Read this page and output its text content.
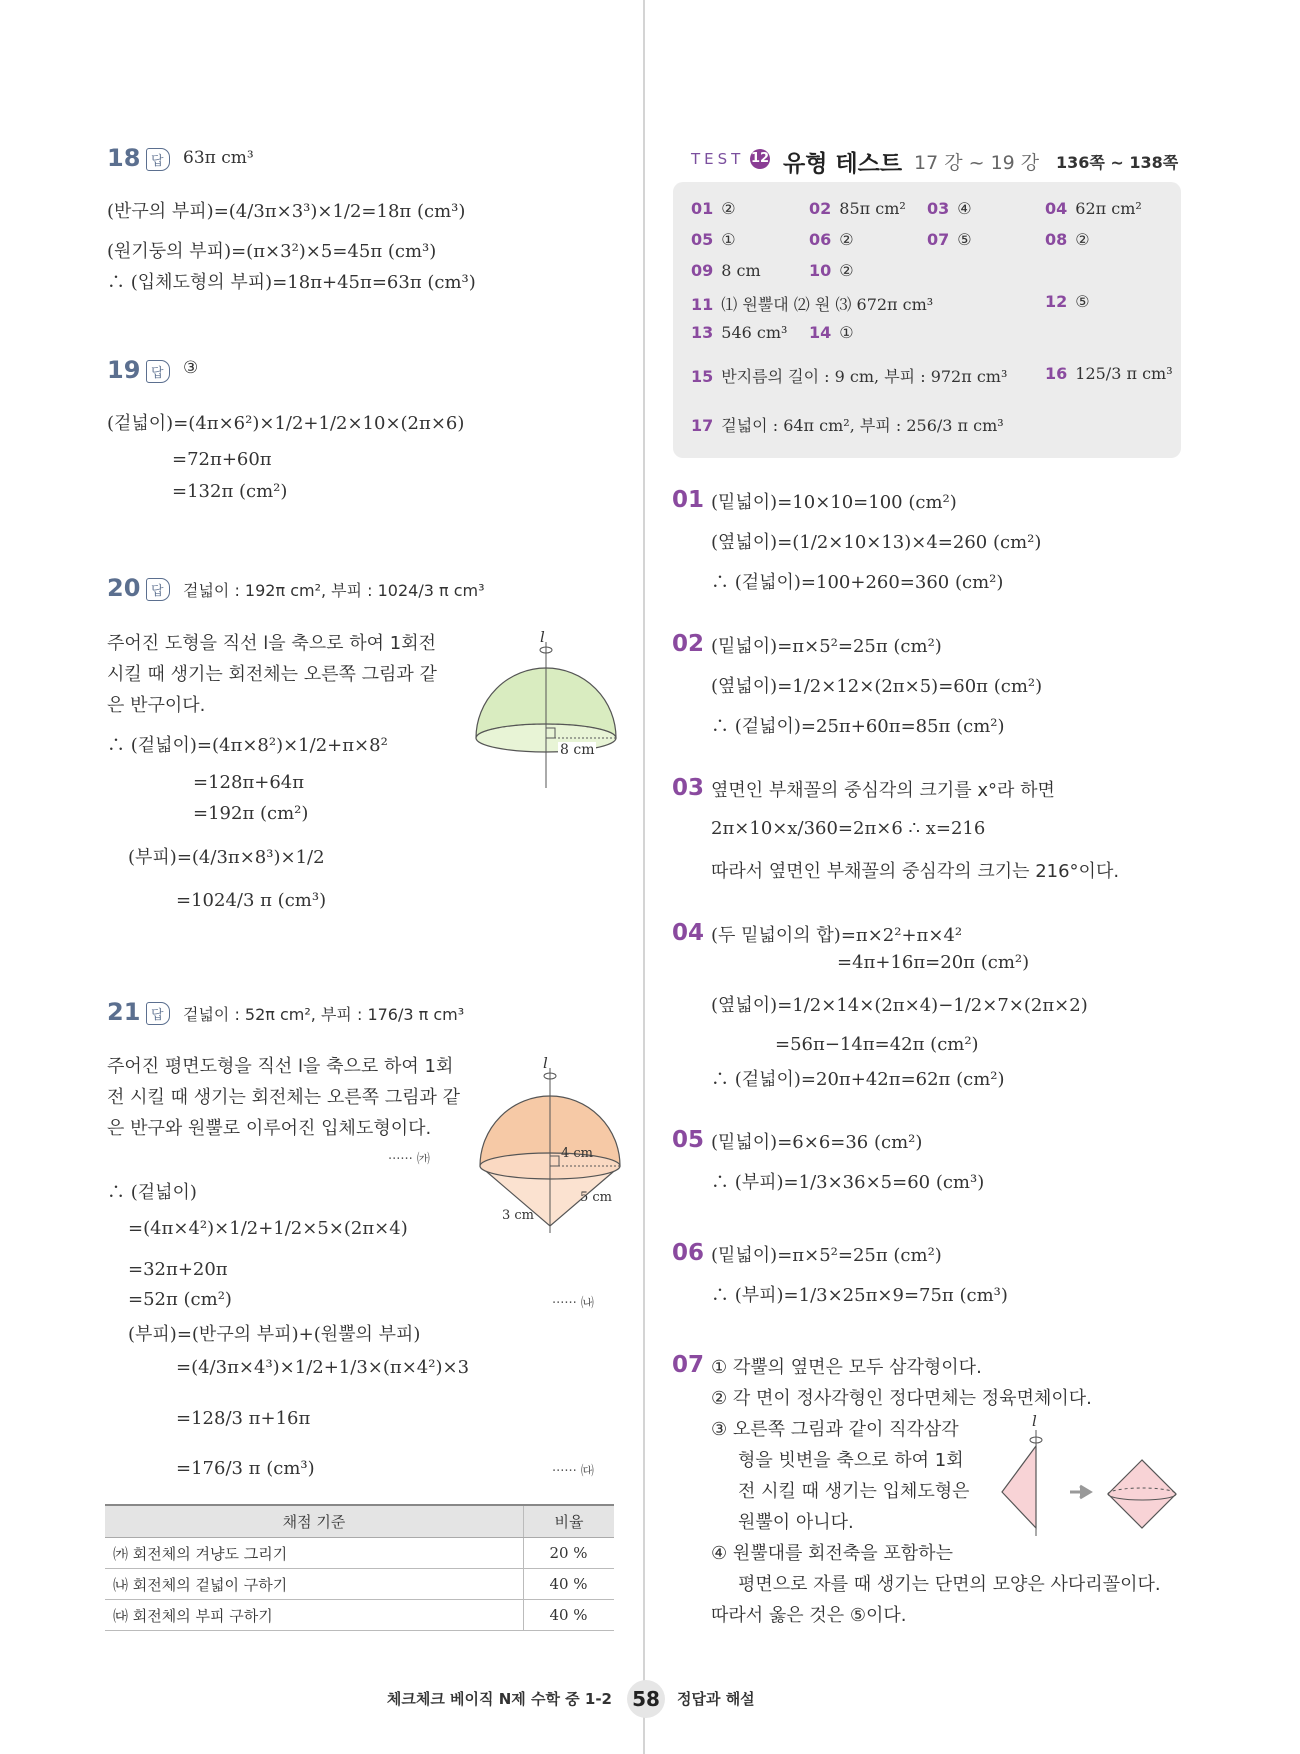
18 답	63π cm³
(반구의 부피)=(4/3π×3³)×1/2=18π (cm³)
(원기둥의 부피)=(π×3²)×5=45π (cm³)
∴ (입체도형의 부피)=18π+45π=63π (cm³)
19 답	③
(겉넓이)=(4π×6²)×1/2+1/2×10×(2π×6)
=72π+60π
=132π (cm²)
20 답	겉넓이 : 192π cm², 부피 : 1024/3 π cm³
주어진 도형을 직선 l을 축으로 하여 1회전
시킬 때 생기는 회전체는 오른쪽 그림과 같
은 반구이다.
∴ (겉넓이)=(4π×8²)×1/2+π×8²
=128π+64π
=192π (cm²)
(부피)=(4/3π×8³)×1/2
=1024/3 π (cm³)
l
8 cm
21 답	겉넓이 : 52π cm², 부피 : 176/3 π cm³
주어진 평면도형을 직선 l을 축으로 하여 1회
전 시킬 때 생기는 회전체는 오른쪽 그림과 같
은 반구와 원뿔로 이루어진 입체도형이다.
······ ㈎
∴ (겉넓이)
=(4π×4²)×1/2+1/2×5×(2π×4)
=32π+20π
=52π (cm²)	······ ㈏
(부피)=(반구의 부피)+(원뿔의 부피)
=(4/3π×4³)×1/2+1/3×(π×4²)×3
=128/3 π+16π
=176/3 π (cm³)	······ ㈐
l
4 cm
5 cm
3 cm
채점 기준	비율
㈎ 회전체의 겨냥도 그리기	20 %
㈏ 회전체의 겉넓이 구하기	40 %
㈐ 회전체의 부피 구하기	40 %
TEST 12 유형 테스트 17 강 ~ 19 강 136쪽 ~ 138쪽
01 ②	02 85π cm² 03 ④	04 62π cm²
05 ①	06 ②	07 ⑤	08 ②
09 8 cm	10 ②
11 ⑴ 원뿔대 ⑵ 원 ⑶ 672π cm³	12 ⑤
13 546 cm³ 14 ①
15 반지름의 길이 : 9 cm, 부피 : 972π cm³ 16 125/3 π cm³
17 겉넓이 : 64π cm², 부피 : 256/3 π cm³
01 (밑넓이)=10×10=100 (cm²)
(옆넓이)=(1/2×10×13)×4=260 (cm²)
∴ (겉넓이)=100+260=360 (cm²)
02 (밑넓이)=π×5²=25π (cm²)
(옆넓이)=1/2×12×(2π×5)=60π (cm²)
∴ (겉넓이)=25π+60π=85π (cm²)
03 옆면인 부채꼴의 중심각의 크기를 x°라 하면
2π×10×x/360=2π×6 ∴ x=216
따라서 옆면인 부채꼴의 중심각의 크기는 216°이다.
04 (두 밑넓이의 합)=π×2²+π×4²
=4π+16π=20π (cm²)
(옆넓이)=1/2×14×(2π×4)−1/2×7×(2π×2)
=56π−14π=42π (cm²)
∴ (겉넓이)=20π+42π=62π (cm²)
05 (밑넓이)=6×6=36 (cm²)
∴ (부피)=1/3×36×5=60 (cm³)
06 (밑넓이)=π×5²=25π (cm²)
∴ (부피)=1/3×25π×9=75π (cm³)
07 ① 각뿔의 옆면은 모두 삼각형이다.
② 각 면이 정사각형인 정다면체는 정육면체이다.
③ 오른쪽 그림과 같이 직각삼각
형을 빗변을 축으로 하여 1회
전 시킬 때 생기는 입체도형은
원뿔이 아니다.
④ 원뿔대를 회전축을 포함하는
평면으로 자를 때 생기는 단면의 모양은 사다리꼴이다.
따라서 옳은 것은 ⑤이다.
l
체크체크 베이직 N제 수학 중 1-2 58	정답과 해설
